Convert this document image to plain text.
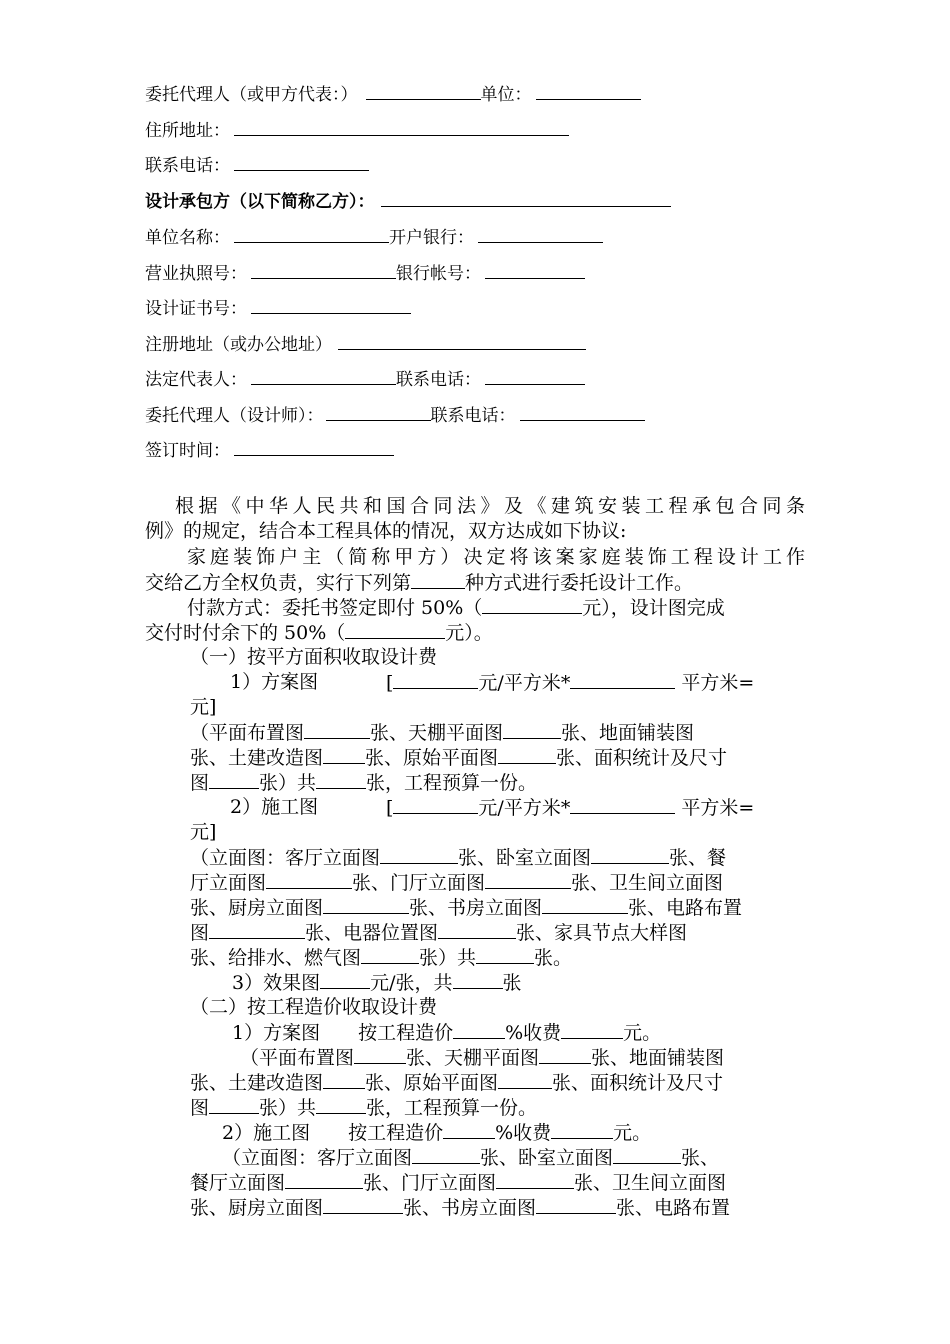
委托代理人（或甲方代表：）	单位：
住所地址：
联系电话：
设计承包方（以下简称乙方）：
单位名称：	开户银行：
营业执照号：	银行帐号：
设计证书号：
注册地址（或办公地址）
法定代表人：	联系电话：
委托代理人（设计师）：	联系电话：
签订时间：
根据《中华人民共和国合同法》及《建筑安装工程承包合同条
例》的规定，结合本工程具体的情况，双方达成如下协议:
家庭装饰户主（简称甲方）决定将该案家庭装饰工程设计工作
交给乙方全权负责，实行下列第	种方式进行委托设计工作。
付款方式：委托书签定即付 50%（	元），设计图完成
交付时付余下的 50%（	元）。
（一）按平方面积收取设计费
1）方案图	[	元/平方米*	平方米=
元]
（平面布置图	张、天棚平面图	张、地面铺装图
张、土建改造图 张、原始平面图	张、面积统计及尺寸
图	张）共	张，工程预算一份。
2）施工图	[	元/平方米*	平方米=
元]
（立面图：客厅立面图	张、卧室立面图	张、餐
厅立面图	张、门厅立面图	张、卫生间立面图
张、厨房立面图	张、书房立面图	张、电路布置
图	张、电器位置图	张、家具节点大样图
张、给排水、燃气图	张）共	张。
3）效果图	元/张，共	张
（二）按工程造价收取设计费
1）方案图　　按工程造价	%收费	元。
（平面布置图	张、天棚平面图	张、地面铺装图
张、土建改造图 张、原始平面图	张、面积统计及尺寸
图	张）共	张，工程预算一份。
2）施工图　　按工程造价	%收费	元。
（立面图：客厅立面图	张、卧室立面图	张、
餐厅立面图	张、门厅立面图	张、卫生间立面图
张、厨房立面图	张、书房立面图	张、电路布置
